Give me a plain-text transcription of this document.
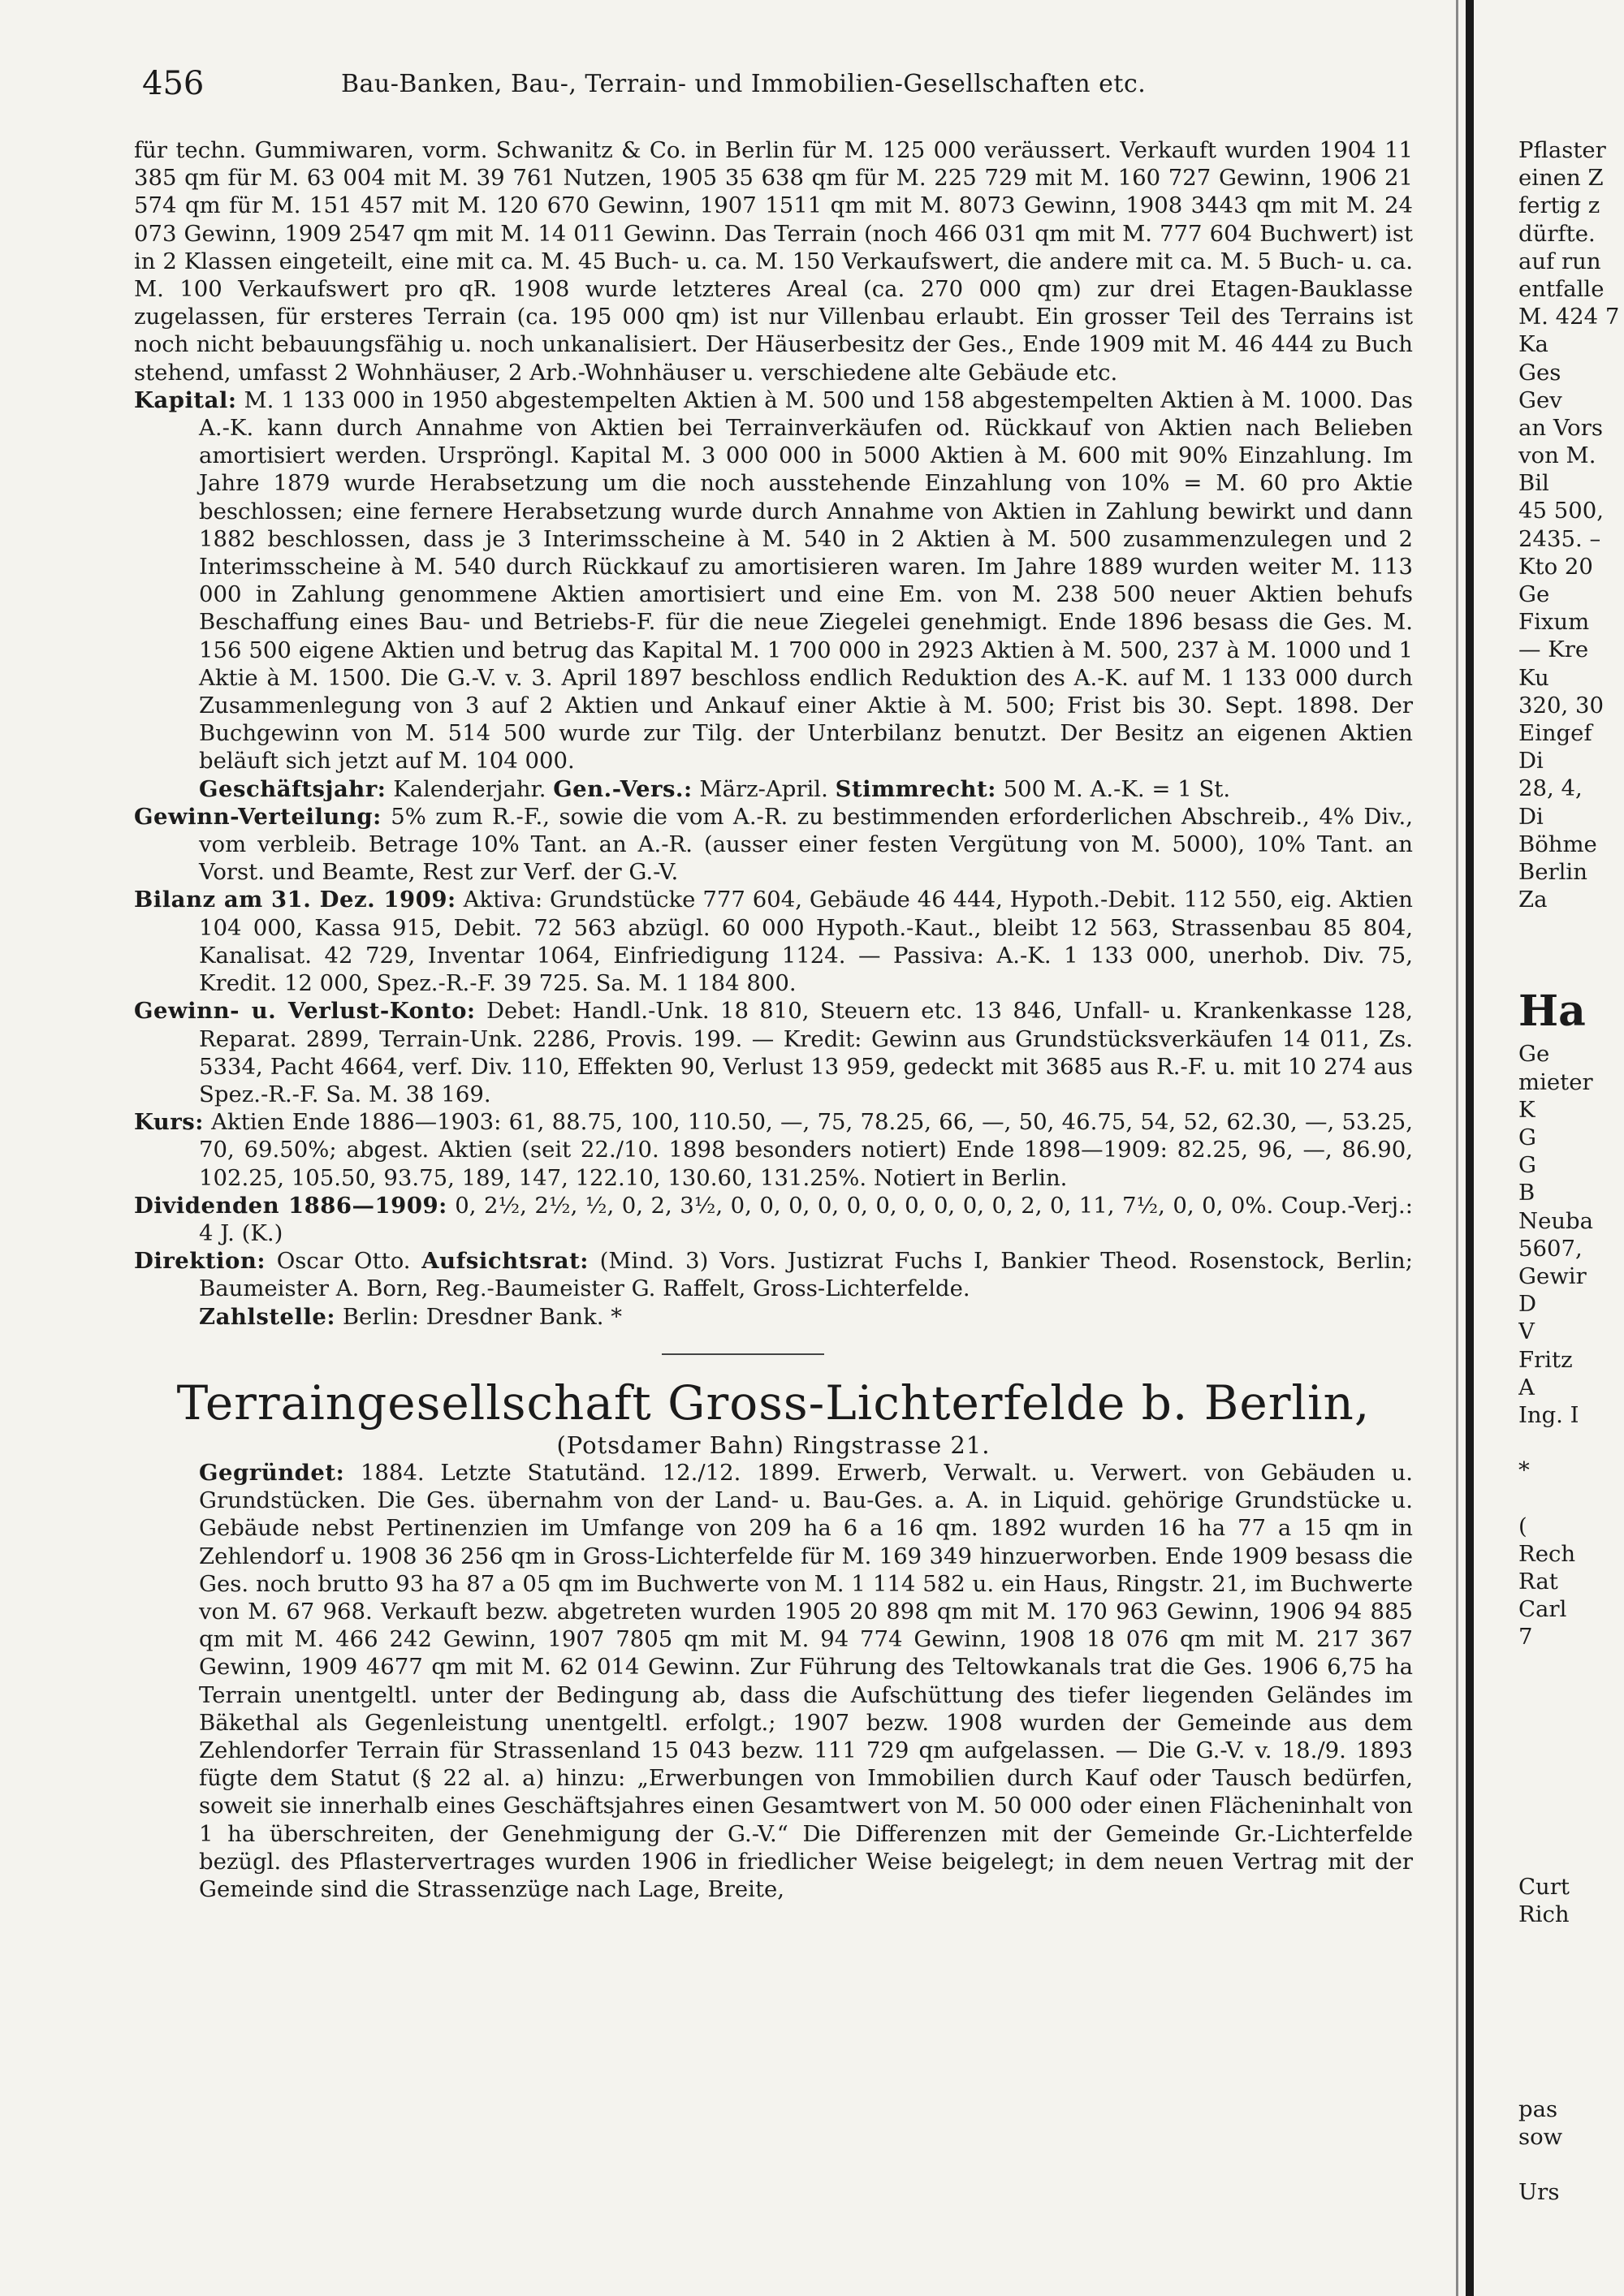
456	Bau-Banken, Bau-, Terrain- und Immobilien-Gesellschaften etc.

für techn. Gummiwaren, vorm. Schwanitz & Co. in Berlin für M. 125 000 veräussert. Verkauft wurden 1904 11 385 qm für M. 63 004 mit M. 39 761 Nutzen, 1905 35 638 qm für M. 225 729 mit M. 160 727 Gewinn, 1906 21 574 qm für M. 151 457 mit M. 120 670 Gewinn, 1907 1511 qm mit M. 8073 Gewinn, 1908 3443 qm mit M. 24 073 Gewinn, 1909 2547 qm mit M. 14 011 Gewinn. Das Terrain (noch 466 031 qm mit M. 777 604 Buchwert) ist in 2 Klassen eingeteilt, eine mit ca. M. 45 Buch- u. ca. M. 150 Verkaufswert, die andere mit ca. M. 5 Buch- u. ca. M. 100 Verkaufswert pro qR. 1908 wurde letzteres Areal (ca. 270 000 qm) zur drei Etagen-Bauklasse zugelassen, für ersteres Terrain (ca. 195 000 qm) ist nur Villenbau erlaubt. Ein grosser Teil des Terrains ist noch nicht bebauungsfähig u. noch unkanalisiert. Der Häuserbesitz der Ges., Ende 1909 mit M. 46 444 zu Buch stehend, umfasst 2 Wohnhäuser, 2 Arb.-Wohnhäuser u. verschiedene alte Gebäude etc.

Kapital: M. 1 133 000 in 1950 abgestempelten Aktien à M. 500 und 158 abgestempelten Aktien à M. 1000. Das A.-K. kann durch Annahme von Aktien bei Terrainverkäufen od. Rückkauf von Aktien nach Belieben amortisiert werden. Urspröngl. Kapital M. 3 000 000 in 5000 Aktien à M. 600 mit 90% Einzahlung. Im Jahre 1879 wurde Herabsetzung um die noch ausstehende Einzahlung von 10% = M. 60 pro Aktie beschlossen; eine fernere Herabsetzung wurde durch Annahme von Aktien in Zahlung bewirkt und dann 1882 beschlossen, dass je 3 Interimsscheine à M. 540 in 2 Aktien à M. 500 zusammenzulegen und 2 Interimsscheine à M. 540 durch Rückkauf zu amortisieren waren. Im Jahre 1889 wurden weiter M. 113 000 in Zahlung genommene Aktien amortisiert und eine Em. von M. 238 500 neuer Aktien behufs Beschaffung eines Bau- und Betriebs-F. für die neue Ziegelei genehmigt. Ende 1896 besass die Ges. M. 156 500 eigene Aktien und betrug das Kapital M. 1 700 000 in 2923 Aktien à M. 500, 237 à M. 1000 und 1 Aktie à M. 1500. Die G.-V. v. 3. April 1897 beschloss endlich Reduktion des A.-K. auf M. 1 133 000 durch Zusammenlegung von 3 auf 2 Aktien und Ankauf einer Aktie à M. 500; Frist bis 30. Sept. 1898. Der Buchgewinn von M. 514 500 wurde zur Tilg. der Unterbilanz benutzt. Der Besitz an eigenen Aktien beläuft sich jetzt auf M. 104 000.

Geschäftsjahr: Kalenderjahr. Gen.-Vers.: März-April. Stimmrecht: 500 M. A.-K. = 1 St.

Gewinn-Verteilung: 5% zum R.-F., sowie die vom A.-R. zu bestimmenden erforderlichen Abschreib., 4% Div., vom verbleib. Betrage 10% Tant. an A.-R. (ausser einer festen Vergütung von M. 5000), 10% Tant. an Vorst. und Beamte, Rest zur Verf. der G.-V.

Bilanz am 31. Dez. 1909: Aktiva: Grundstücke 777 604, Gebäude 46 444, Hypoth.-Debit. 112 550, eig. Aktien 104 000, Kassa 915, Debit. 72 563 abzügl. 60 000 Hypoth.-Kaut., bleibt 12 563, Strassenbau 85 804, Kanalisat. 42 729, Inventar 1064, Einfriedigung 1124. — Passiva: A.-K. 1 133 000, unerhob. Div. 75, Kredit. 12 000, Spez.-R.-F. 39 725. Sa. M. 1 184 800.

Gewinn- u. Verlust-Konto: Debet: Handl.-Unk. 18 810, Steuern etc. 13 846, Unfall- u. Krankenkasse 128, Reparat. 2899, Terrain-Unk. 2286, Provis. 199. — Kredit: Gewinn aus Grundstücksverkäufen 14 011, Zs. 5334, Pacht 4664, verf. Div. 110, Effekten 90, Verlust 13 959, gedeckt mit 3685 aus R.-F. u. mit 10 274 aus Spez.-R.-F. Sa. M. 38 169.

Kurs: Aktien Ende 1886—1903: 61, 88.75, 100, 110.50, —, 75, 78.25, 66, —, 50, 46.75, 54, 52, 62.30, —, 53.25, 70, 69.50%; abgest. Aktien (seit 22./10. 1898 besonders notiert) Ende 1898—1909: 82.25, 96, —, 86.90, 102.25, 105.50, 93.75, 189, 147, 122.10, 130.60, 131.25%. Notiert in Berlin.

Dividenden 1886—1909: 0, 2½, 2½, ½, 0, 2, 3½, 0, 0, 0, 0, 0, 0, 0, 0, 0, 0, 2, 0, 11, 7½, 0, 0, 0%. Coup.-Verj.: 4 J. (K.)

Direktion: Oscar Otto. Aufsichtsrat: (Mind. 3) Vors. Justizrat Fuchs I, Bankier Theod. Rosenstock, Berlin; Baumeister A. Born, Reg.-Baumeister G. Raffelt, Gross-Lichterfelde.

Zahlstelle: Berlin: Dresdner Bank. *

Terraingesellschaft Gross-Lichterfelde b. Berlin,

(Potsdamer Bahn) Ringstrasse 21.

Gegründet: 1884. Letzte Statutänd. 12./12. 1899. Erwerb, Verwalt. u. Verwert. von Gebäuden u. Grundstücken. Die Ges. übernahm von der Land- u. Bau-Ges. a. A. in Liquid. gehörige Grundstücke u. Gebäude nebst Pertinenzien im Umfange von 209 ha 6 a 16 qm. 1892 wurden 16 ha 77 a 15 qm in Zehlendorf u. 1908 36 256 qm in Gross-Lichterfelde für M. 169 349 hinzuerworben. Ende 1909 besass die Ges. noch brutto 93 ha 87 a 05 qm im Buchwerte von M. 1 114 582 u. ein Haus, Ringstr. 21, im Buchwerte von M. 67 968. Verkauft bezw. abgetreten wurden 1905 20 898 qm mit M. 170 963 Gewinn, 1906 94 885 qm mit M. 466 242 Gewinn, 1907 7805 qm mit M. 94 774 Gewinn, 1908 18 076 qm mit M. 217 367 Gewinn, 1909 4677 qm mit M. 62 014 Gewinn. Zur Führung des Teltowkanals trat die Ges. 1906 6,75 ha Terrain unentgeltl. unter der Bedingung ab, dass die Aufschüttung des tiefer liegenden Geländes im Bäkethal als Gegenleistung unentgeltl. erfolgt.; 1907 bezw. 1908 wurden der Gemeinde aus dem Zehlendorfer Terrain für Strassenland 15 043 bezw. 111 729 qm aufgelassen. — Die G.-V. v. 18./9. 1893 fügte dem Statut (§ 22 al. a) hinzu: „Erwerbungen von Immobilien durch Kauf oder Tausch bedürfen, soweit sie innerhalb eines Geschäftsjahres einen Gesamtwert von M. 50 000 oder einen Flächeninhalt von 1 ha überschreiten, der Genehmigung der G.-V.“ Die Differenzen mit der Gemeinde Gr.-Lichterfelde bezügl. des Pflastervertrages wurden 1906 in friedlicher Weise beigelegt; in dem neuen Vertrag mit der Gemeinde sind die Strassenzüge nach Lage, Breite,

Pflaster
einen Z
fertig z
dürfte.
auf run
entfalle
M. 424 7
Ka
Ges
Gev
an Vors
von M.
Bil
45 500,
2435. –
Kto 20
Ge
Fixum
— Kre
Ku
320, 30
Eingef
Di
28, 4,
Di
Böhme
Berlin
Za
Ha
Ge
mieter
K
G
G
B
Neuba
5607,
Gewir
D
V
Fritz
A
Ing. I
*
(
Rech
Rat
Carl
7
Curt
Rich
pas
sow
Urs
